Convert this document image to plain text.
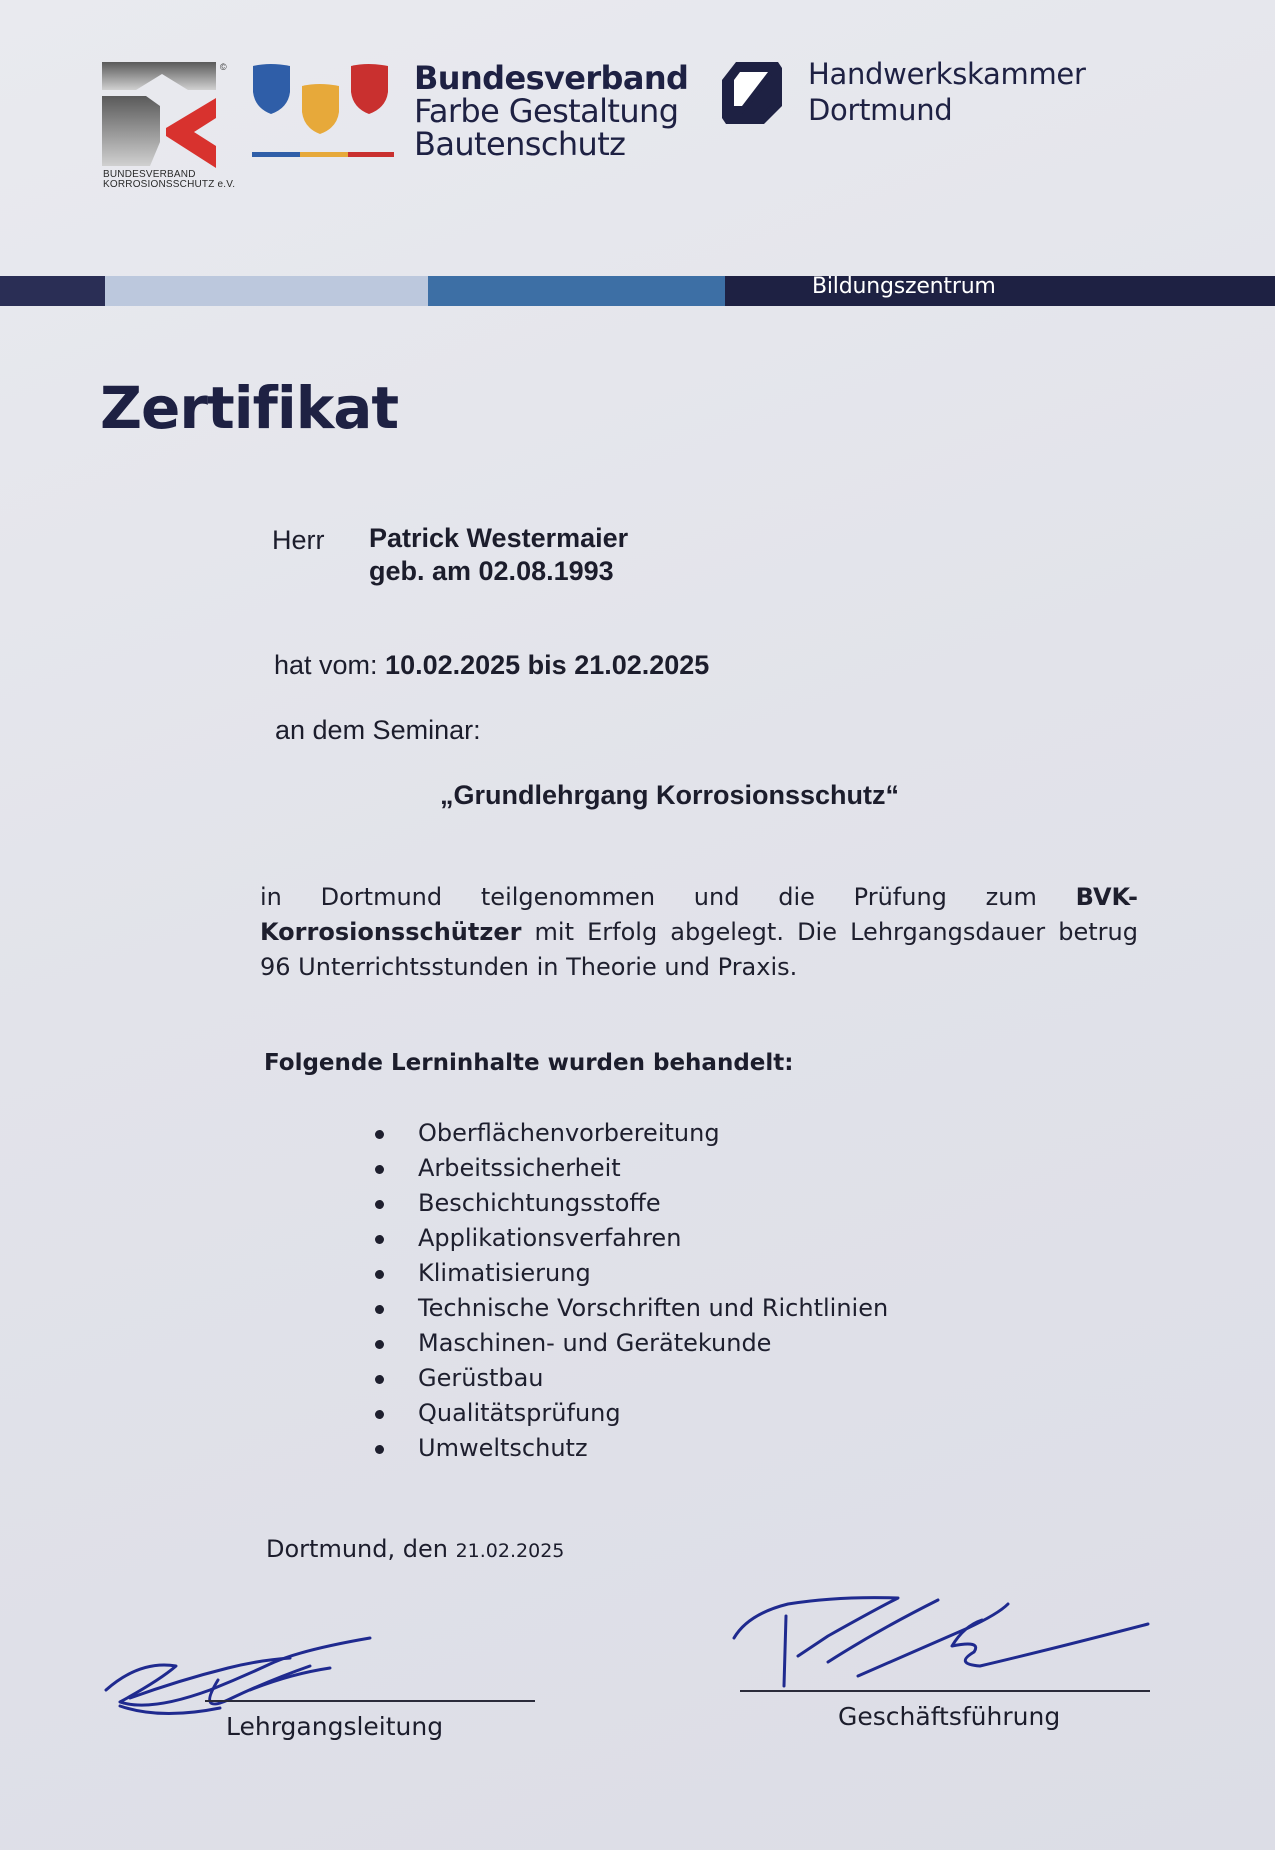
©
BUNDESVERBAND
KORROSIONSSCHUTZ e.V.
Bundesverband
Farbe Gestaltung
Bautenschutz
Handwerkskammer
Dortmund
Bildungszentrum
Zertifikat
Herr Patrick Westermaier
geb. am 02.08.1993
hat vom: 10.02.2025 bis 21.02.2025
an dem Seminar:
„Grundlehrgang Korrosionsschutz“
in Dortmund teilgenommen und die Prüfung zum BVK-Korrosionsschützer mit Erfolg abgelegt. Die Lehrgangsdauer betrug 96 Unterrichtsstunden in Theorie und Praxis.
Folgende Lerninhalte wurden behandelt:
Oberflächenvorbereitung
Arbeitssicherheit
Beschichtungsstoffe
Applikationsverfahren
Klimatisierung
Technische Vorschriften und Richtlinien
Maschinen- und Gerätekunde
Gerüstbau
Qualitätsprüfung
Umweltschutz
Dortmund, den 21.02.2025
Lehrgangsleitung	Geschäftsführung
